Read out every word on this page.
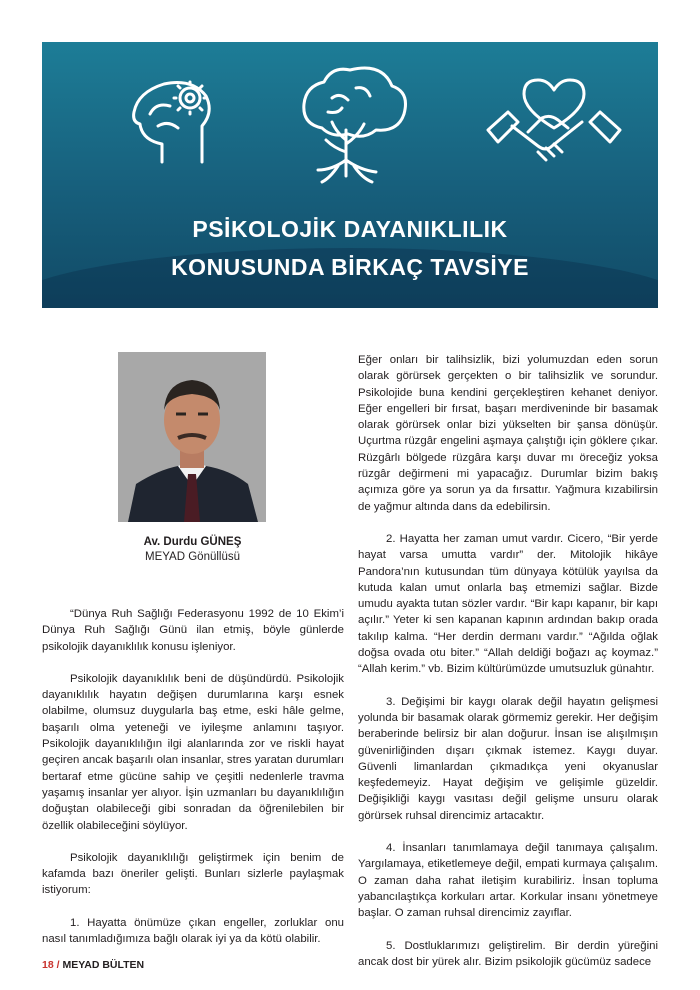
PSİKOLOJİK DAYANIKLILIK
KONUSUNDA BİRKAÇ TAVSİYE
Av. Durdu GÜNEŞ
MEYAD Gönüllüsü

“Dünya Ruh Sağlığı Federasyonu 1992 de 10 Ekim’i Dünya Ruh Sağlığı Günü ilan etmiş, böyle günlerde psikolojik dayanıklılık konusu işleniyor.

Psikolojik dayanıklılık beni de düşündürdü. Psikolojik dayanıklılık hayatın değişen durumlarına karşı esnek olabilme, olumsuz duygularla baş etme, eski hâle gelme, başarılı olma yeteneği ve iyileşme anlamını taşıyor. Psikolojik dayanıklılığın ilgi alanlarında zor ve riskli hayat geçiren ancak başarılı olan insanlar, stres yaratan durumları bertaraf etme gücüne sahip ve çeşitli nedenlerle travma yaşamış insanlar yer alıyor. İşin uzmanları bu dayanıklılığın doğuştan olabileceği gibi sonradan da öğrenilebilen bir özellik olabileceğini söylüyor.

Psikolojik dayanıklılığı geliştirmek için benim de kafamda bazı öneriler gelişti. Bunları sizlerle paylaşmak istiyorum:

1. Hayatta önümüze çıkan engeller, zorluklar onu nasıl tanımladığımıza bağlı olarak iyi ya da kötü olabilir.

Eğer onları bir talihsizlik, bizi yolumuzdan eden sorun olarak görürsek gerçekten o bir talihsizlik ve sorundur. Psikolojide buna kendini gerçekleştiren kehanet deniyor. Eğer engelleri bir fırsat, başarı merdiveninde bir basamak olarak görürsek onlar bizi yükselten bir şansa dönüşür. Uçurtma rüzgâr engelini aşmaya çalıştığı için göklere çıkar. Rüzgârlı bölgede rüzgâra karşı duvar mı öreceğiz yoksa rüzgâr değirmeni mi yapacağız. Durumlar bizim bakış açımıza göre ya sorun ya da fırsattır. Yağmura kızabilirsin de yağmur altında dans da edebilirsin.

2. Hayatta her zaman umut vardır. Cicero, “Bir yerde hayat varsa umutta vardır” der. Mitolojik hikâye Pandora’nın kutusundan tüm dünyaya kötülük yayılsa da kutuda kalan umut onlarla baş etmemizi sağlar. Bizde umudu ayakta tutan sözler vardır. “Bir kapı kapanır, bir kapı açılır.” Yeter ki sen kapanan kapının ardından bakıp orada takılıp kalma. “Her derdin dermanı vardır.” “Ağılda oğlak doğsa ovada otu biter.” “Allah deldiği boğazı aç koymaz.” “Allah kerim.” vb. Bizim kültürümüzde umutsuzluk günahtır.

3. Değişimi bir kaygı olarak değil hayatın gelişmesi yolunda bir basamak olarak görmemiz gerekir. Her değişim beraberinde belirsiz bir alan doğurur. İnsan ise alışılmışın güvenirliğinden dışarı çıkmak istemez. Kaygı duyar. Güvenli limanlardan çıkmadıkça yeni okyanuslar keşfedemeyiz. Hayat değişim ve gelişimle güzeldir. Değişikliği kaygı vasıtası değil gelişme unsuru olarak görürsek ruhsal direncimiz artacaktır.

4. İnsanları tanımlamaya değil tanımaya çalışalım. Yargılamaya, etiketlemeye değil, empati kurmaya çalışalım. O zaman daha rahat iletişim kurabiliriz. İnsan topluma yabancılaştıkça korkuları artar. Korkular insanı yönetmeye başlar. O zaman ruhsal direncimiz zayıflar.

5. Dostluklarımızı geliştirelim. Bir derdin yüreğini ancak dost bir yürek alır. Bizim psikolojik gücümüz sadece

18 / MEYAD BÜLTEN
